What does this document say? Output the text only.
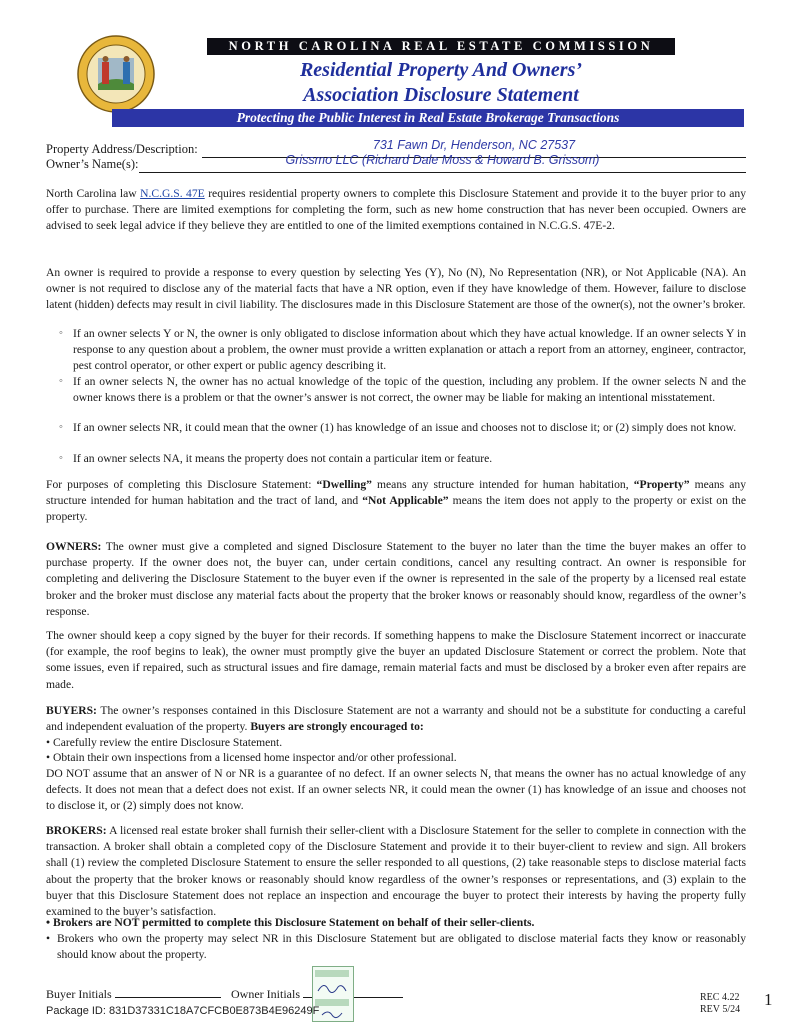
NORTH CAROLINA REAL ESTATE COMMISSION
Residential Property And Owners’
Association Disclosure Statement
Protecting the Public Interest in Real Estate Brokerage Transactions
Property Address/Description:	731 Fawn Dr, Henderson, NC 27537
Owner’s Name(s):	Grissmo LLC (Richard Dale Moss & Howard B. Grissom)

North Carolina law N.C.G.S. 47E requires residential property owners to complete this Disclosure Statement and provide it to the buyer prior to any offer to purchase. There are limited exemptions for completing the form, such as new home construction that has never been occupied. Owners are advised to seek legal advice if they believe they are entitled to one of the limited exemptions contained in N.C.G.S. 47E-2.

An owner is required to provide a response to every question by selecting Yes (Y), No (N), No Representation (NR), or Not Applicable (NA). An owner is not required to disclose any of the material facts that have a NR option, even if they have knowledge of them. However, failure to disclose latent (hidden) defects may result in civil liability. The disclosures made in this Disclosure Statement are those of the owner(s), not the owner’s broker.

◦ If an owner selects Y or N, the owner is only obligated to disclose information about which they have actual knowledge. If an owner selects Y in response to any question about a problem, the owner must provide a written explanation or attach a report from an attorney, engineer, contractor, pest control operator, or other expert or public agency describing it.

◦ If an owner selects N, the owner has no actual knowledge of the topic of the question, including any problem. If the owner selects N and the owner knows there is a problem or that the owner’s answer is not correct, the owner may be liable for making an intentional misstatement.

◦ If an owner selects NR, it could mean that the owner (1) has knowledge of an issue and chooses not to disclose it; or (2) simply does not know.

◦ If an owner selects NA, it means the property does not contain a particular item or feature.

For purposes of completing this Disclosure Statement: “Dwelling” means any structure intended for human habitation, “Property” means any structure intended for human habitation and the tract of land, and “Not Applicable” means the item does not apply to the property or exist on the property.

OWNERS: The owner must give a completed and signed Disclosure Statement to the buyer no later than the time the buyer makes an offer to purchase property. If the owner does not, the buyer can, under certain conditions, cancel any resulting contract. An owner is responsible for completing and delivering the Disclosure Statement to the buyer even if the owner is represented in the sale of the property by a licensed real estate broker and the broker must disclose any material facts about the property that the broker knows or reasonably should know, regardless of the owner’s response.

The owner should keep a copy signed by the buyer for their records. If something happens to make the Disclosure Statement incorrect or inaccurate (for example, the roof begins to leak), the owner must promptly give the buyer an updated Disclosure Statement or correct the problem. Note that some issues, even if repaired, such as structural issues and fire damage, remain material facts and must be disclosed by a broker even after repairs are made.

BUYERS: The owner’s responses contained in this Disclosure Statement are not a warranty and should not be a substitute for conducting a careful and independent evaluation of the property. Buyers are strongly encouraged to:

• Carefully review the entire Disclosure Statement.
• Obtain their own inspections from a licensed home inspector and/or other professional.

DO NOT assume that an answer of N or NR is a guarantee of no defect. If an owner selects N, that means the owner has no actual knowledge of any defects. It does not mean that a defect does not exist. If an owner selects NR, it could mean the owner (1) has knowledge of an issue and chooses not to disclose it, or (2) simply does not know.

BROKERS: A licensed real estate broker shall furnish their seller-client with a Disclosure Statement for the seller to complete in connection with the transaction. A broker shall obtain a completed copy of the Disclosure Statement and provide it to their buyer-client to review and sign. All brokers shall (1) review the completed Disclosure Statement to ensure the seller responded to all questions, (2) take reasonable steps to disclose material facts about the property that the broker knows or reasonably should know regardless of the owner’s responses or representations, and (3) explain to the buyer that this Disclosure Statement does not replace an inspection and encourage the buyer to protect their interests by having the property fully examined to the buyer’s satisfaction.

• Brokers are NOT permitted to complete this Disclosure Statement on behalf of their seller-clients.
• Brokers who own the property may select NR in this Disclosure Statement but are obligated to disclose material facts they know or reasonably should know about the property.

Buyer Initials	Owner Initials
Package ID: 831D37331C18A7CFCB0E873B4E96249F
REC 4.22
REV 5/24
1
